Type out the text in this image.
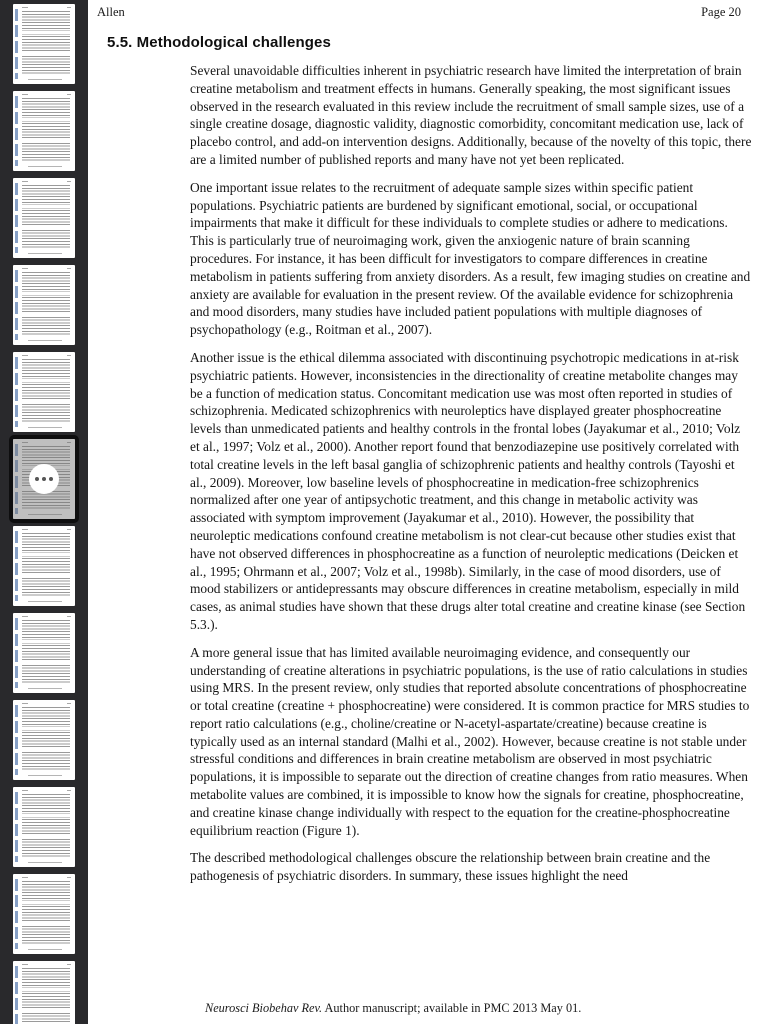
Allen	Page 20
5.5. Methodological challenges

Several unavoidable difficulties inherent in psychiatric research have limited the interpretation of brain creatine metabolism and treatment effects in humans. Generally speaking, the most significant issues observed in the research evaluated in this review include the recruitment of small sample sizes, use of a single creatine dosage, diagnostic validity, diagnostic comorbidity, concomitant medication use, lack of placebo control, and add-on intervention designs. Additionally, because of the novelty of this topic, there are a limited number of published reports and many have not yet been replicated.

One important issue relates to the recruitment of adequate sample sizes within specific patient populations. Psychiatric patients are burdened by significant emotional, social, or occupational impairments that make it difficult for these individuals to complete studies or adhere to medications. This is particularly true of neuroimaging work, given the anxiogenic nature of brain scanning procedures. For instance, it has been difficult for investigators to compare differences in creatine metabolism in patients suffering from anxiety disorders. As a result, few imaging studies on creatine and anxiety are available for evaluation in the present review. Of the available evidence for schizophrenia and mood disorders, many studies have included patient populations with multiple diagnoses of psychopathology (e.g., Roitman et al., 2007).

Another issue is the ethical dilemma associated with discontinuing psychotropic medications in at-risk psychiatric patients. However, inconsistencies in the directionality of creatine metabolite changes may be a function of medication status. Concomitant medication use was most often reported in studies of schizophrenia. Medicated schizophrenics with neuroleptics have displayed greater phosphocreatine levels than unmedicated patients and healthy controls in the frontal lobes (Jayakumar et al., 2010; Volz et al., 1997; Volz et al., 2000). Another report found that benzodiazepine use positively correlated with total creatine levels in the left basal ganglia of schizophrenic patients and healthy controls (Tayoshi et al., 2009). Moreover, low baseline levels of phosphocreatine in medication-free schizophrenics normalized after one year of antipsychotic treatment, and this change in metabolic activity was associated with symptom improvement (Jayakumar et al., 2010). However, the possibility that neuroleptic medications confound creatine metabolism is not clear-cut because other studies exist that have not observed differences in phosphocreatine as a function of neuroleptic medications (Deicken et al., 1995; Ohrmann et al., 2007; Volz et al., 1998b). Similarly, in the case of mood disorders, use of mood stabilizers or antidepressants may obscure differences in creatine metabolism, especially in mild cases, as animal studies have shown that these drugs alter total creatine and creatine kinase (see Section 5.3.).

A more general issue that has limited available neuroimaging evidence, and consequently our understanding of creatine alterations in psychiatric populations, is the use of ratio calculations in studies using MRS. In the present review, only studies that reported absolute concentrations of phosphocreatine or total creatine (creatine + phosphocreatine) were considered. It is common practice for MRS studies to report ratio calculations (e.g., choline/creatine or N-acetyl-aspartate/creatine) because creatine is typically used as an internal standard (Malhi et al., 2002). However, because creatine is not stable under stressful conditions and differences in brain creatine metabolism are observed in most psychiatric populations, it is impossible to separate out the direction of creatine changes from ratio measures. When metabolite values are combined, it is impossible to know how the signals for creatine, phosphocreatine, and creatine kinase change individually with respect to the equation for the creatine-phosphocreatine equilibrium reaction (Figure 1).

The described methodological challenges obscure the relationship between brain creatine and the pathogenesis of psychiatric disorders. In summary, these issues highlight the need

Neurosci Biobehav Rev. Author manuscript; available in PMC 2013 May 01.
